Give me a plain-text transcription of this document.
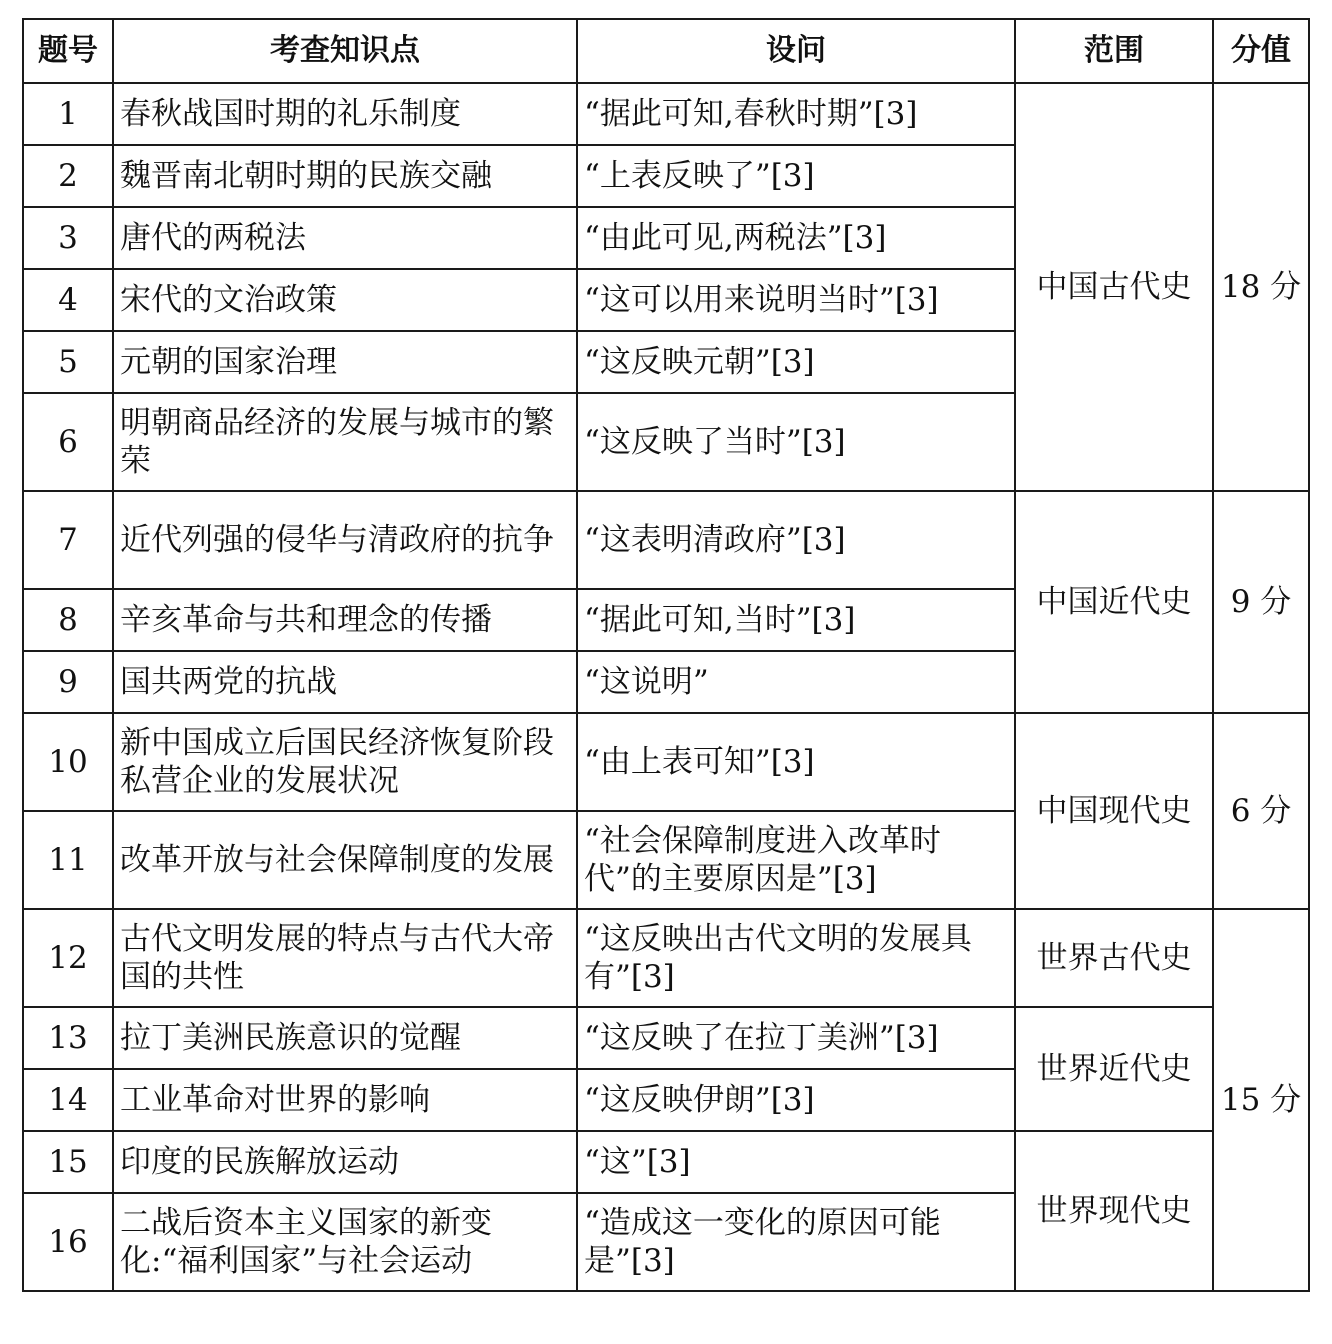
题号	考查知识点	设问	范围	分值
1	春秋战国时期的礼乐制度	“据此可知,春秋时期”[3]	中国古代史	18 分
2	魏晋南北朝时期的民族交融	“上表反映了”[3]		
3	唐代的两税法	“由此可见,两税法”[3]		
4	宋代的文治政策	“这可以用来说明当时”[3]		
5	元朝的国家治理	“这反映元朝”[3]		
6	明朝商品经济的发展与城市的繁荣	“这反映了当时”[3]		
7	近代列强的侵华与清政府的抗争	“这表明清政府”[3]	中国近代史	9 分
8	辛亥革命与共和理念的传播	“据此可知,当时”[3]		
9	国共两党的抗战	“这说明”		
10	新中国成立后国民经济恢复阶段私营企业的发展状况	“由上表可知”[3]	中国现代史	6 分
11	改革开放与社会保障制度的发展	“社会保障制度进入改革时代”的主要原因是”[3]		
12	古代文明发展的特点与古代大帝国的共性	“这反映出古代文明的发展具有”[3]	世界古代史	15 分
13	拉丁美洲民族意识的觉醒	“这反映了在拉丁美洲”[3]	世界近代史	
14	工业革命对世界的影响	“这反映伊朗”[3]		
15	印度的民族解放运动	“这”[3]	世界现代史	
16	二战后资本主义国家的新变化:“福利国家”与社会运动	“造成这一变化的原因可能是”[3]		
